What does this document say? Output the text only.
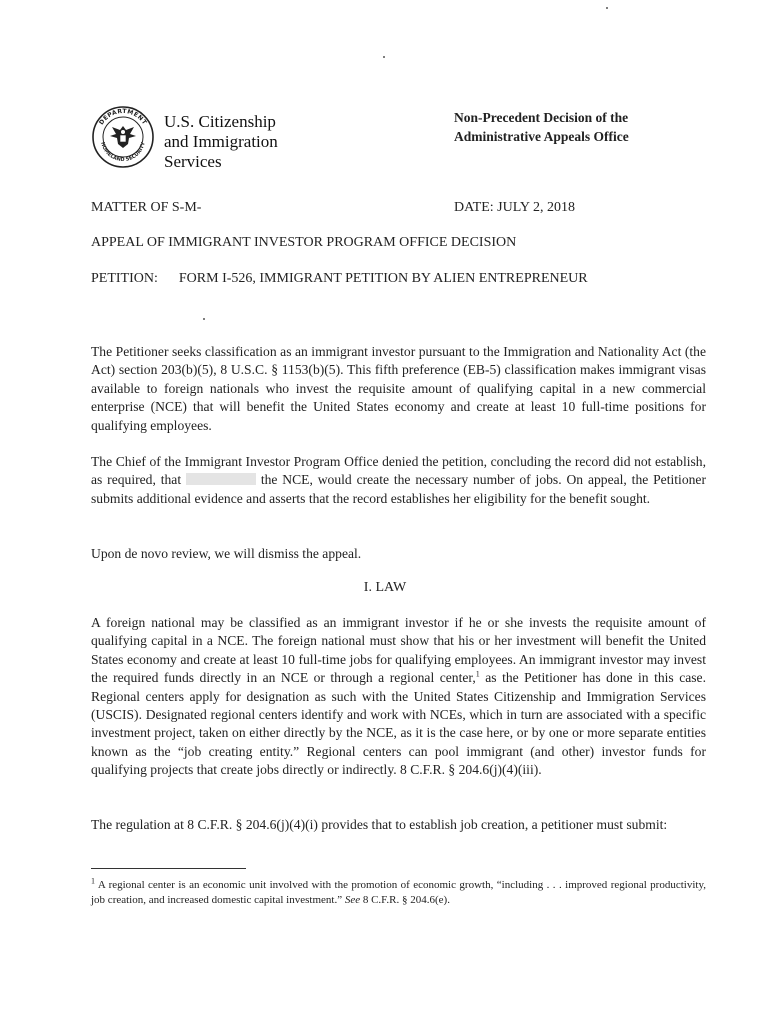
DEPARTMENT
HOMELAND SECURITY
U.S. Citizenship
and Immigration
Services
Non-Precedent Decision of the
Administrative Appeals Office
MATTER OF S-M-	DATE: JULY 2, 2018
APPEAL OF IMMIGRANT INVESTOR PROGRAM OFFICE DECISION
PETITION: FORM I-526, IMMIGRANT PETITION BY ALIEN ENTREPRENEUR
The Petitioner seeks classification as an immigrant investor pursuant to the Immigration and Nationality Act (the Act) section 203(b)(5), 8 U.S.C. § 1153(b)(5). This fifth preference (EB-5) classification makes immigrant visas available to foreign nationals who invest the requisite amount of qualifying capital in a new commercial enterprise (NCE) that will benefit the United States economy and create at least 10 full-time positions for qualifying employees.
The Chief of the Immigrant Investor Program Office denied the petition, concluding the record did not establish, as required, that	the NCE, would create the necessary number of jobs. On appeal, the Petitioner submits additional evidence and asserts that the record establishes her eligibility for the benefit sought.
Upon de novo review, we will dismiss the appeal.
I. LAW
A foreign national may be classified as an immigrant investor if he or she invests the requisite amount of qualifying capital in a NCE. The foreign national must show that his or her investment will benefit the United States economy and create at least 10 full-time jobs for qualifying employees. An immigrant investor may invest the required funds directly in an NCE or through a regional center,$^1$ as the Petitioner has done in this case. Regional centers apply for designation as such with the United States Citizenship and Immigration Services (USCIS). Designated regional centers identify and work with NCEs, which in turn are associated with a specific investment project, taken on either directly by the NCE, as it is the case here, or by one or more separate entities known as the “job creating entity.” Regional centers can pool immigrant (and other) investor funds for qualifying projects that create jobs directly or indirectly. 8 C.F.R. § 204.6(j)(4)(iii).
The regulation at 8 C.F.R. § 204.6(j)(4)(i) provides that to establish job creation, a petitioner must submit:
$^1$ A regional center is an economic unit involved with the promotion of economic growth, “including . . . improved regional productivity, job creation, and increased domestic capital investment.” See 8 C.F.R. § 204.6(e).
